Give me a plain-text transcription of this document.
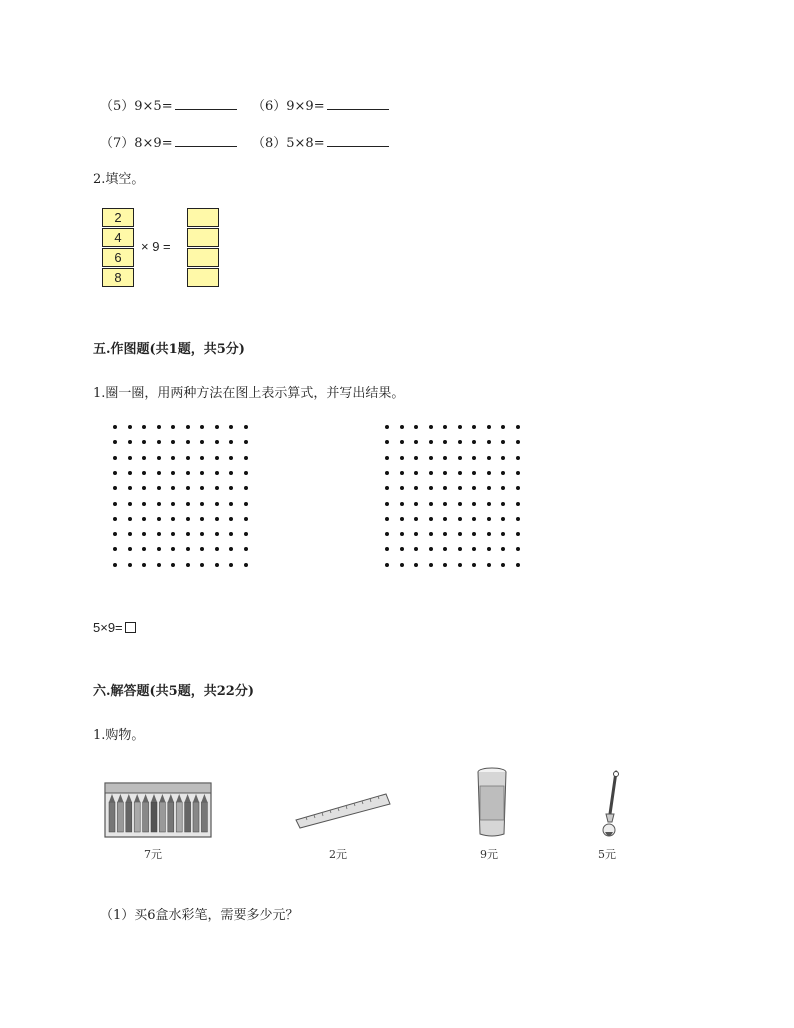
（5）9×5=	（6）9×9=
（7）8×9=	（8）5×8=
2.填空。
2
4
6
8
× 9 =
五.作图题(共1题，共5分)
1.圈一圈，用两种方法在图上表示算式，并写出结果。
5×9=
六.解答题(共5题，共22分)
1.购物。
7元	2元	9元	5元
（1）买6盒水彩笔，需要多少元？
